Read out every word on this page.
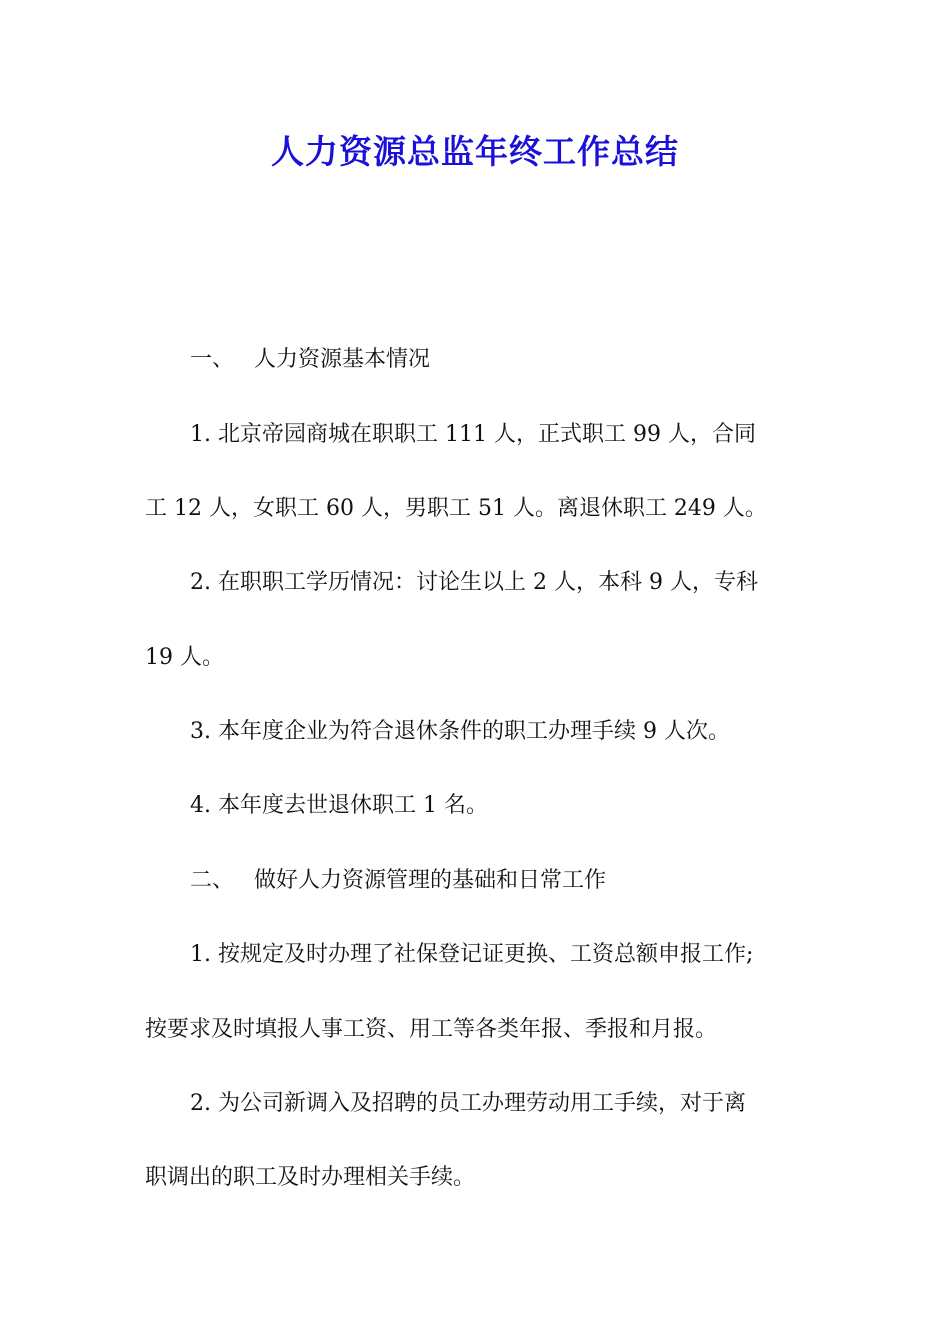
人力资源总监年终工作总结
一、 人力资源基本情况
1. 北京帝园商城在职职工 111 人，正式职工 99 人，合同
工 12 人，女职工 60 人，男职工 51 人。离退休职工 249 人。
2. 在职职工学历情况：讨论生以上 2 人，本科 9 人，专科
19 人。
3. 本年度企业为符合退休条件的职工办理手续 9 人次。
4. 本年度去世退休职工 1 名。
二、 做好人力资源管理的基础和日常工作
1. 按规定及时办理了社保登记证更换、工资总额申报工作;
按要求及时填报人事工资、用工等各类年报、季报和月报。
2. 为公司新调入及招聘的员工办理劳动用工手续，对于离
职调出的职工及时办理相关手续。
